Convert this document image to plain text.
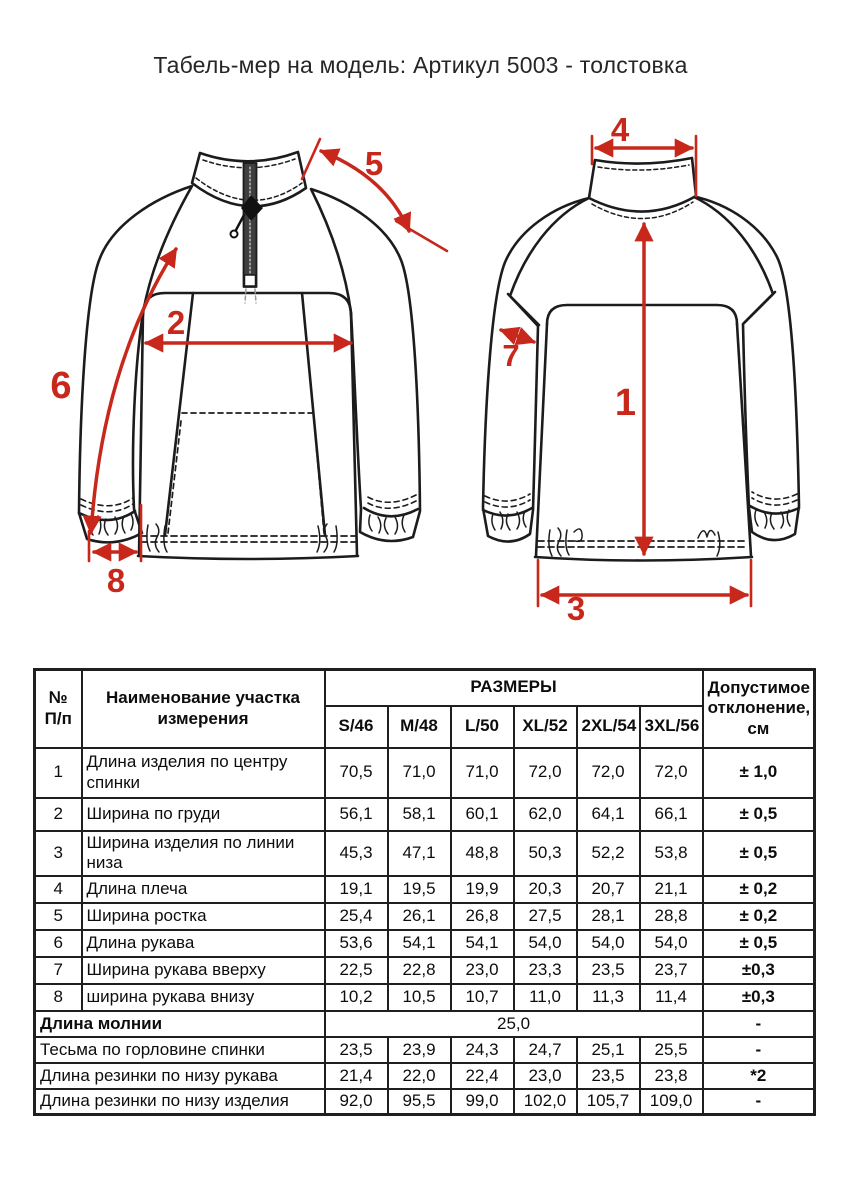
Табель-мер на модель: Артикул 5003 - толстовка
2
5
6
8
4
1
7
3
№
П/п	Наименование участка измерения	РАЗМЕРЫ						Допустимое отклонение, см
		S/46	M/48	L/50	XL/52	2XL/54	3XL/56	
1	Длина изделия по центру спинки	70,5	71,0	71,0	72,0	72,0	72,0	± 1,0
2	Ширина по груди	56,1	58,1	60,1	62,0	64,1	66,1	± 0,5
3	Ширина изделия по линии низа	45,3	47,1	48,8	50,3	52,2	53,8	± 0,5
4	Длина плеча	19,1	19,5	19,9	20,3	20,7	21,1	± 0,2
5	Ширина ростка	25,4	26,1	26,8	27,5	28,1	28,8	± 0,2
6	Длина рукава	53,6	54,1	54,1	54,0	54,0	54,0	± 0,5
7	Ширина рукава вверху	22,5	22,8	23,0	23,3	23,5	23,7	±0,3
8	ширина рукава внизу	10,2	10,5	10,7	11,0	11,3	11,4	±0,3
Длина молнии		25,0						-
Тесьма по горловине спинки		23,5	23,9	24,3	24,7	25,1	25,5	-
Длина резинки по низу рукава		21,4	22,0	22,4	23,0	23,5	23,8	*2
Длина резинки по низу изделия		92,0	95,5	99,0	102,0	105,7	109,0	-
